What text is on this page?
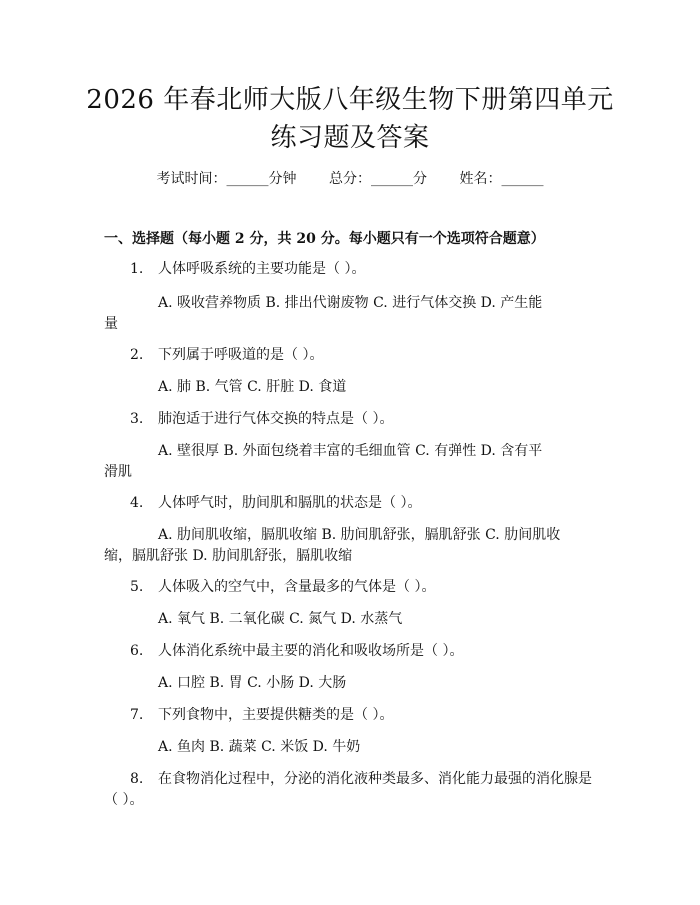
2026 年春北师大版八年级生物下册第四单元
练习题及答案
考试时间：______分钟 总分：______分 姓名：______
一、选择题（每小题 2 分，共 20 分。每小题只有一个选项符合题意）
1. 人体呼吸系统的主要功能是（ ）。
A. 吸收营养物质 B. 排出代谢废物 C. 进行气体交换 D. 产生能
量
2. 下列属于呼吸道的是（ ）。
A. 肺 B. 气管 C. 肝脏 D. 食道
3. 肺泡适于进行气体交换的特点是（ ）。
A. 壁很厚 B. 外面包绕着丰富的毛细血管 C. 有弹性 D. 含有平
滑肌
4. 人体呼气时，肋间肌和膈肌的状态是（ ）。
A. 肋间肌收缩，膈肌收缩 B. 肋间肌舒张，膈肌舒张 C. 肋间肌收
缩，膈肌舒张 D. 肋间肌舒张，膈肌收缩
5. 人体吸入的空气中，含量最多的气体是（ ）。
A. 氧气 B. 二氧化碳 C. 氮气 D. 水蒸气
6. 人体消化系统中最主要的消化和吸收场所是（ ）。
A. 口腔 B. 胃 C. 小肠 D. 大肠
7. 下列食物中，主要提供糖类的是（ ）。
A. 鱼肉 B. 蔬菜 C. 米饭 D. 牛奶
8. 在食物消化过程中，分泌的消化液种类最多、消化能力最强的消化腺是
（ ）。
